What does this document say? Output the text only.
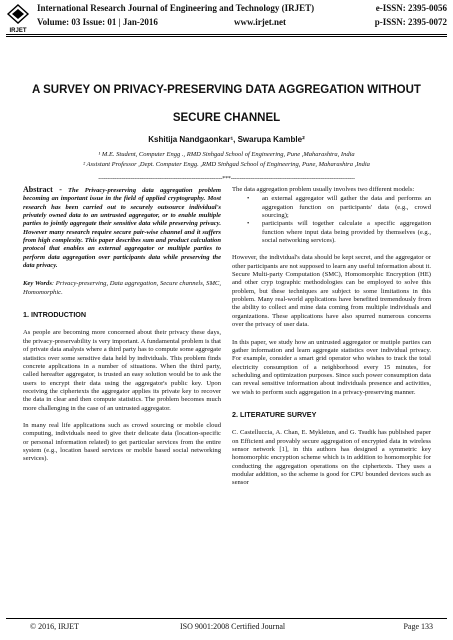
IRJET
International Research Journal of Engineering and Technology (IRJET)	e-ISSN: 2395-0056
Volume: 03 Issue: 01 | Jan-2016	www.irjet.net	p-ISSN: 2395-0072
A SURVEY ON PRIVACY-PRESERVING DATA AGGREGATION WITHOUT
SECURE CHANNEL
Kshitija Nandgaonkar¹, Swarupa Kamble²
¹ M.E. Student, Computer Engg ., RMD Sinhgad School of Engineering, Pune ,Maharashtra, India
² Assistant Professor ,Dept. Computer Engg. ,RMD Sinhgad School of Engineering, Pune, Maharashtra ,India
---------------------------------------------------------------------***---------------------------------------------------------------------

Abstract - The Privacy-preserving data aggregation problem becoming an important issue in the field of applied cryptography. Most research has been carried out to securely outsource individual's privately owned data to an untrusted aggregator, or to enable multiple parties to jointly aggregate their sensitive data while preserving privacy. However many research require secure pair-wise channel and it suffers from high complexity. This paper describes sum and product calculation protocol that enables an external aggregator or multiple parties to perform data aggregation over participants data while preserving the data privacy.

Key Words: Privacy-preserving, Data aggregation, Secure channels, SMC, Homomorphic.

1. INTRODUCTION

As people are becoming more concerned about their privacy these days, the privacy-preservability is very important. A fundamental problem is that of private data analysis where a third party has to compute some aggregate statistics over some sensitive data held by individuals. This problem finds concrete applications in a number of situations. When the third party, called hereafter aggregator, is trusted an easy solution would be to ask the users to encrypt their data using the aggregator's public key. Upon receiving the ciphertexts the aggregator applies its private key to recover the data in clear and then compute statistics. The problem becomes much more challenging in the case of an untrusted aggregator.

In many real life applications such as crowd sourcing or mobile cloud computing, individuals need to give their delicate data (location-specific or personal information related) to get particular services from the entire system (e.g., location based services or mobile based social networking services).

The data aggregation problem usually involves two different models:

• an external aggregator will gather the data and performs an aggregation function on participants' data (e.g., crowd sourcing);
• participants will together calculate a specific aggregation function where input data being provided by themselves (e.g., social networking services).

However, the individual's data should be kept secret, and the aggregator or other participants are not supposed to learn any useful information about it. Secure Multi-party Computation (SMC), Homomorphic Encryption (HE) and other cryp tographic methodologies can be employed to solve this problem, but these techniques are subject to some limitations in this problem. Many real-world applications have benefited tremendously from the ability to collect and mine data coming from multiple individuals and organizations. These applications have also spurred numerous concerns over the privacy of user data.

In this paper, we study how an untrusted aggregator or mutiple parties can gather information and learn aggregate statistics over individual privacy. For example, consider a smart grid operator who wishes to track the total electricity consumption of a neighborhood every 15 minutes, for scheduling and optimization purposes. Since such power consumption data can reveal sensitive information about individuals presence and activities, we wish to perform such aggregation in a privacy-preserving manner.

2. LITERATURE SURVEY

C. Castelluccia, A. Chan, E. Mykletun, and G. Tsudik has published paper on Efficient and provably secure aggregation of encrypted data in wireless sensor network [1], in this authors has designed a symmetric key homomorphic encryption scheme which is in addition to homomorphic for conducting the aggregation operations on the ciphertexts. They uses a modular addition, so the scheme is good for CPU bounded devices such as sensor

© 2016, IRJET	ISO 9001:2008 Certified Journal	Page 133
